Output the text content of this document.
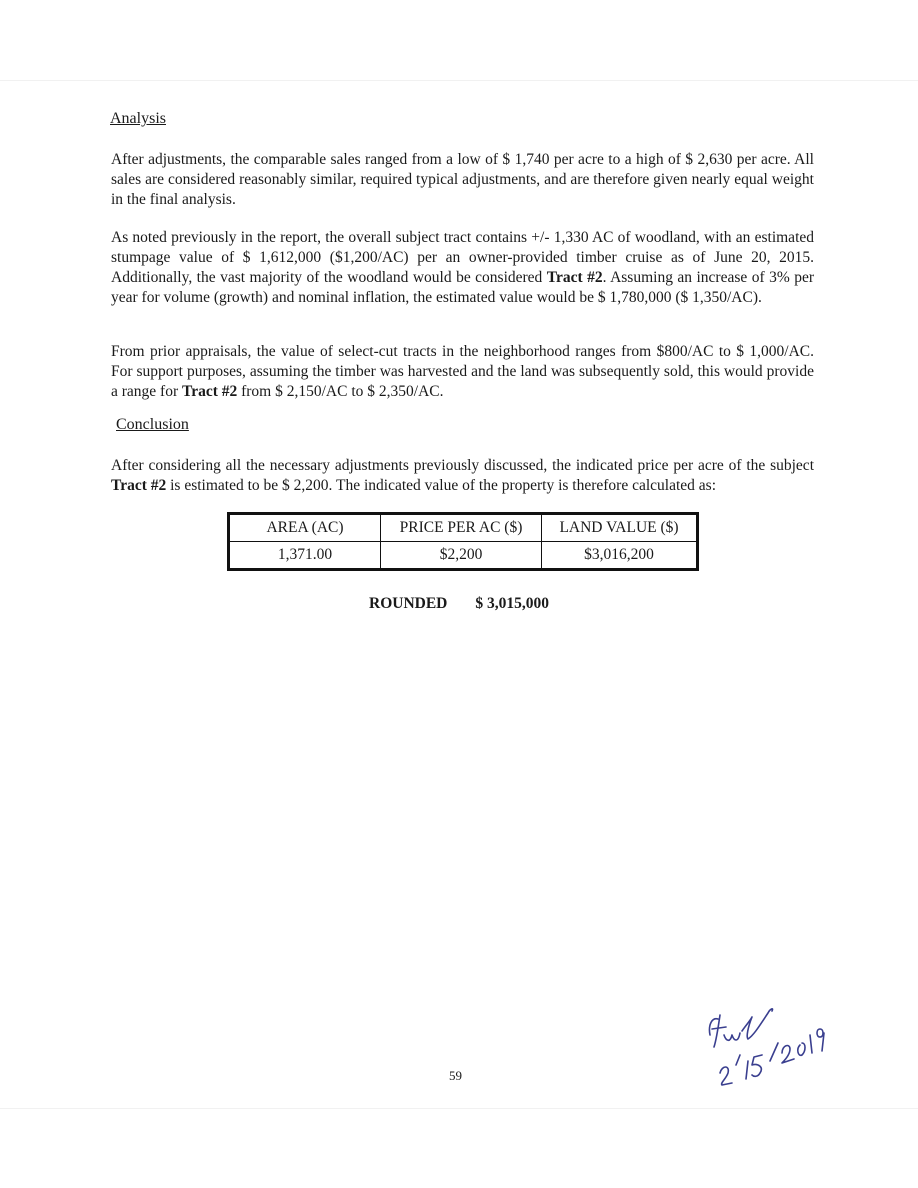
Analysis

After adjustments, the comparable sales ranged from a low of $ 1,740 per acre to a high of $ 2,630 per acre. All sales are considered reasonably similar, required typical adjustments, and are therefore given nearly equal weight in the final analysis.

As noted previously in the report, the overall subject tract contains +/- 1,330 AC of woodland, with an estimated stumpage value of $ 1,612,000 ($1,200/AC) per an owner-provided timber cruise as of June 20, 2015. Additionally, the vast majority of the woodland would be considered Tract #2. Assuming an increase of 3% per year for volume (growth) and nominal inflation, the estimated value would be $ 1,780,000 ($ 1,350/AC).

From prior appraisals, the value of select-cut tracts in the neighborhood ranges from $800/AC to $ 1,000/AC. For support purposes, assuming the timber was harvested and the land was subsequently sold, this would provide a range for Tract #2 from $ 2,150/AC to $ 2,350/AC.

Conclusion

After considering all the necessary adjustments previously discussed, the indicated price per acre of the subject Tract #2 is estimated to be $ 2,200. The indicated value of the property is therefore calculated as:

AREA (AC)	PRICE PER AC ($)	LAND VALUE ($)
1,371.00	$2,200	$3,016,200
ROUNDED $ 3,015,000
59
